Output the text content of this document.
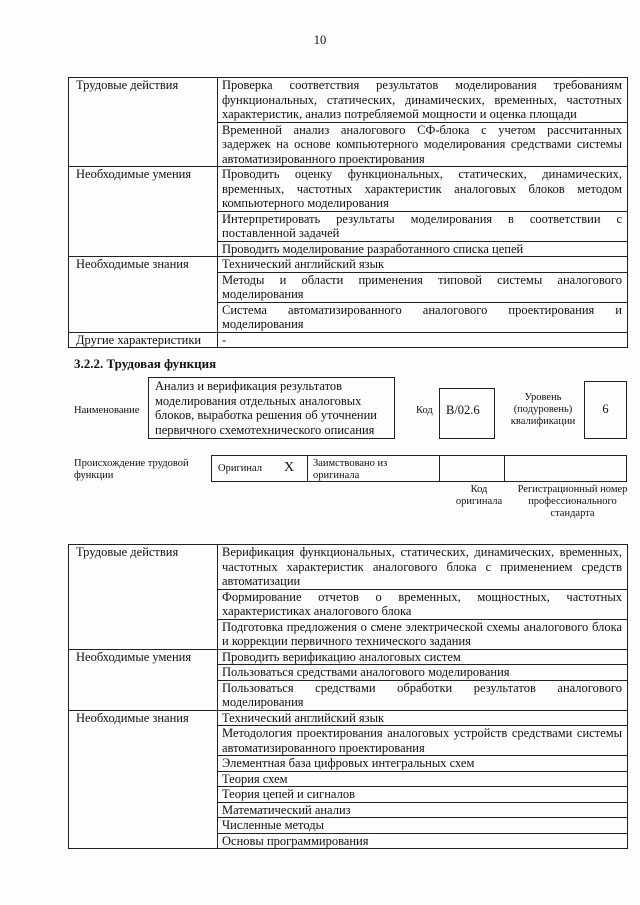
10
Трудовые действия	Проверка соответствия результатов моделирования требованиям функциональных, статических, динамических, временных, частотных характеристик, анализ потребляемой мощности и оценка площади
	Временной анализ аналогового СФ-блока с учетом рассчитанных задержек на основе компьютерного моделирования средствами системы автоматизированного проектирования
Необходимые умения	Проводить оценку функциональных, статических, динамических, временных, частотных характеристик аналоговых блоков методом компьютерного моделирования
	Интерпретировать результаты моделирования в соответствии с поставленной задачей
	Проводить моделирование разработанного списка цепей
Необходимые знания	Технический английский язык
	Методы и области применения типовой системы аналогового моделирования
	Система автоматизированного аналогового проектирования и моделирования
Другие характеристики	-
3.2.2. Трудовая функция
Наименование
Анализ и верификация результатов моделирования отдельных аналоговых блоков, выработка решения об уточнении первичного схемотехнического описания
Код	B/02.6
Уровень (подуровень) квалификации
6
Происхождение трудовой функции
Оригинал X Заимствовано из оригинала
Код оригинала
Регистрационный номер профессионального стандарта
Трудовые действия	Верификация функциональных, статических, динамических, временных, частотных характеристик аналогового блока с применением средств автоматизации
	Формирование отчетов о временных, мощностных, частотных характеристиках аналогового блока
	Подготовка предложения о смене электрической схемы аналогового блока и коррекции первичного технического задания
Необходимые умения	Проводить верификацию аналоговых систем
	Пользоваться средствами аналогового моделирования
	Пользоваться средствами обработки результатов аналогового моделирования
Необходимые знания	Технический английский язык
	Методология проектирования аналоговых устройств средствами системы автоматизированного проектирования
	Элементная база цифровых интегральных схем
	Теория схем
	Теория цепей и сигналов
	Математический анализ
	Численные методы
	Основы программирования
